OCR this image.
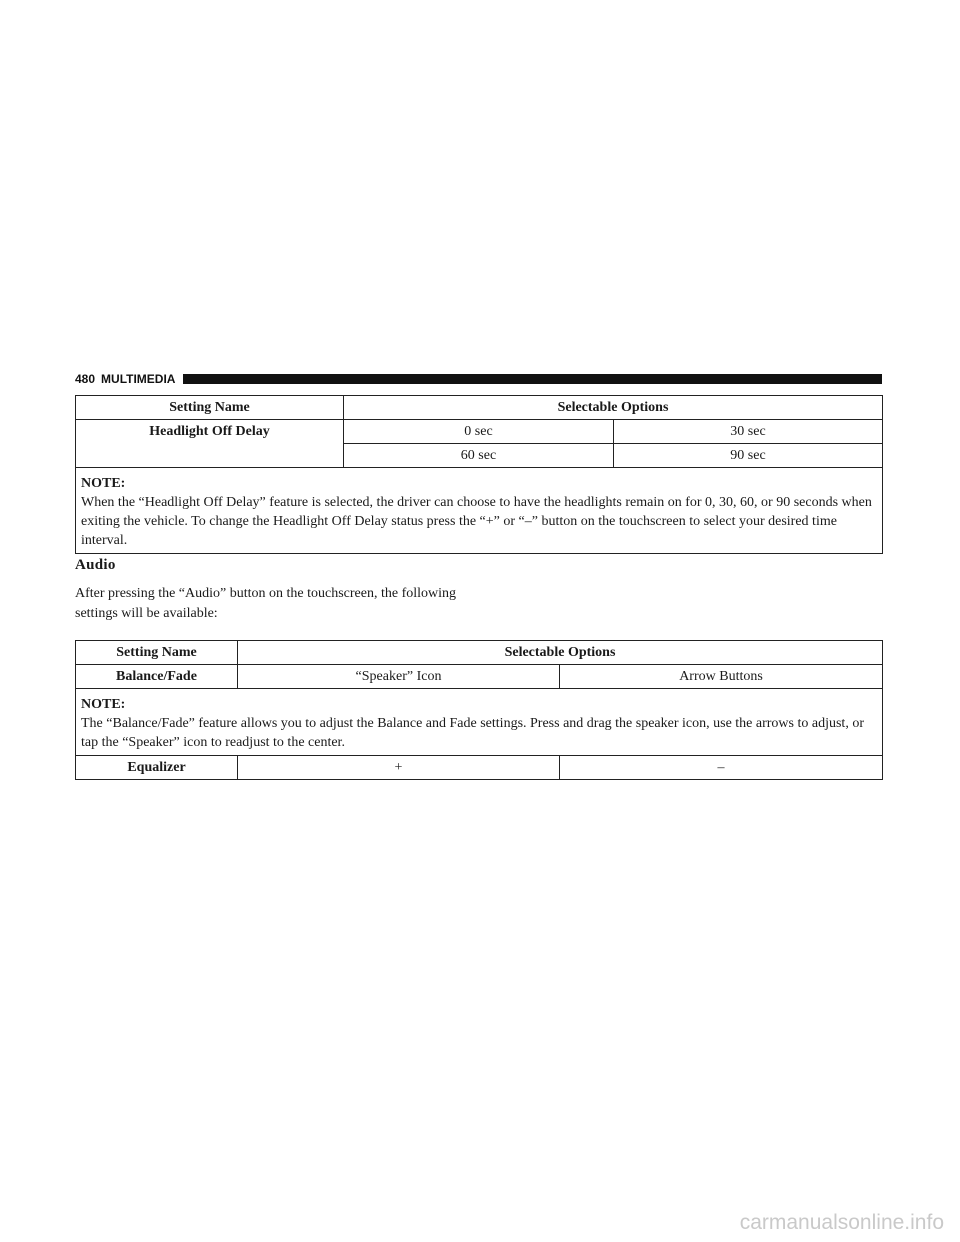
480 MULTIMEDIA
Setting Name	Selectable Options	
Headlight Off Delay	0 sec	30 sec
	60 sec	90 sec

NOTE:
When the “Headlight Off Delay” feature is selected, the driver can choose to have the headlights remain on for 0, 30, 60, or 90 seconds when exiting the vehicle. To change the Headlight Off Delay status press the “+” or “–” button on the touchscreen to select your desired time interval.		
Audio
After pressing the “Audio” button on the touchscreen, the following settings will be available:
Setting Name	Selectable Options	
Balance/Fade	“Speaker” Icon	Arrow Buttons

NOTE:
The “Balance/Fade” feature allows you to adjust the Balance and Fade settings. Press and drag the speaker icon, use the arrows to adjust, or tap the “Speaker” icon to readjust to the center.		
Equalizer	+	–
carmanualsonline.info
